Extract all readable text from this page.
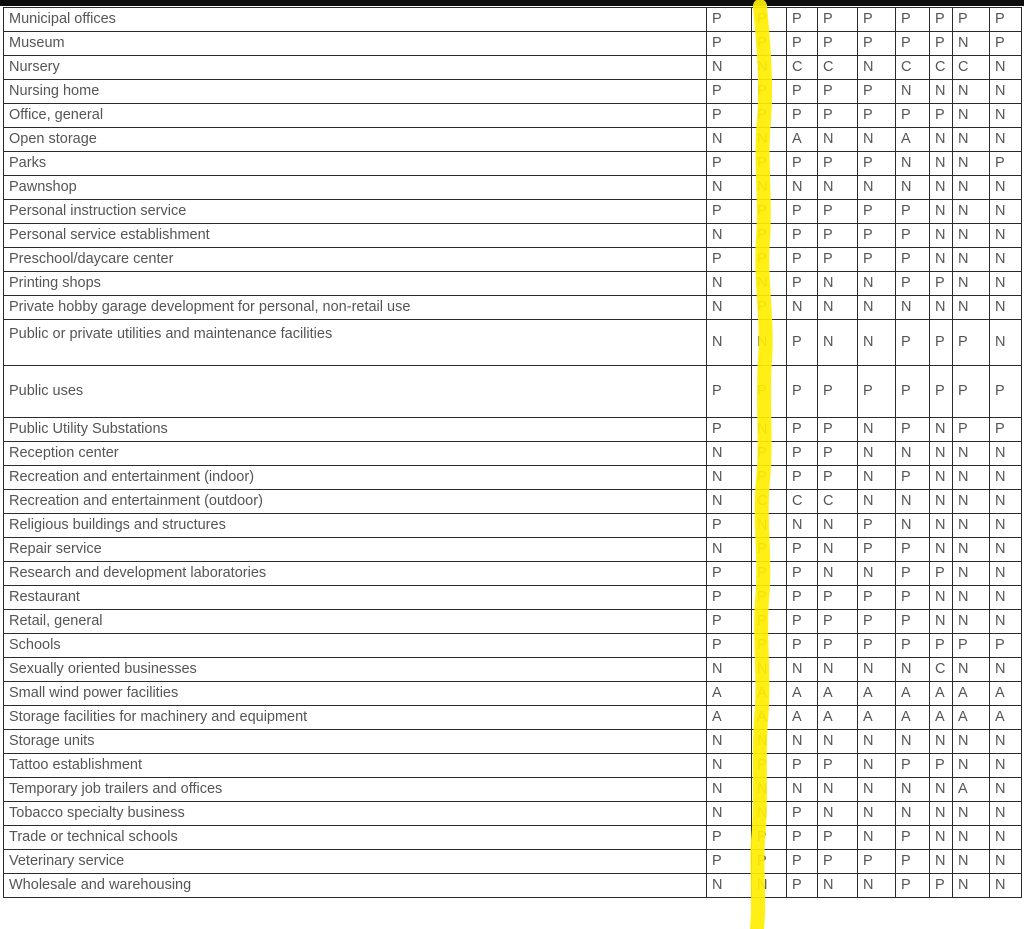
Municipal offices	P	P	P	P	P	P	P	P	P
Museum	P	P	P	P	P	P	P	N	P
Nursery	N	N	C	C	N	C	C	C	N
Nursing home	P	P	P	P	P	N	N	N	N
Office, general	P	P	P	P	P	P	P	N	N
Open storage	N	N	A	N	N	A	N	N	N
Parks	P	P	P	P	P	N	N	N	P
Pawnshop	N	N	N	N	N	N	N	N	N
Personal instruction service	P	P	P	P	P	P	N	N	N
Personal service establishment	N	P	P	P	P	P	N	N	N
Preschool/daycare center	P	P	P	P	P	P	N	N	N
Printing shops	N	N	P	N	N	P	P	N	N
Private hobby garage development for personal, non-retail use	N	P	N	N	N	N	N	N	N
Public or private utilities and maintenance facilities	N	N	P	N	N	P	P	P	N
Public uses	P	P	P	P	P	P	P	P	P
Public Utility Substations	P	N	P	P	N	P	N	P	P
Reception center	N	P	P	P	N	N	N	N	N
Recreation and entertainment (indoor)	N	P	P	P	N	P	N	N	N
Recreation and entertainment (outdoor)	N	C	C	C	N	N	N	N	N
Religious buildings and structures	P	N	N	N	P	N	N	N	N
Repair service	N	P	P	N	P	P	N	N	N
Research and development laboratories	P	P	P	N	N	P	P	N	N
Restaurant	P	P	P	P	P	P	N	N	N
Retail, general	P	P	P	P	P	P	N	N	N
Schools	P	P	P	P	P	P	P	P	P
Sexually oriented businesses	N	N	N	N	N	N	C	N	N
Small wind power facilities	A	A	A	A	A	A	A	A	A
Storage facilities for machinery and equipment	A	A	A	A	A	A	A	A	A
Storage units	N	N	N	N	N	N	N	N	N
Tattoo establishment	N	P	P	P	N	P	P	N	N
Temporary job trailers and offices	N	N	N	N	N	N	N	A	N
Tobacco specialty business	N	N	P	N	N	N	N	N	N
Trade or technical schools	P	P	P	P	N	P	N	N	N
Veterinary service	P	P	P	P	P	P	N	N	N
Wholesale and warehousing	N	N	P	N	N	P	P	N	N
